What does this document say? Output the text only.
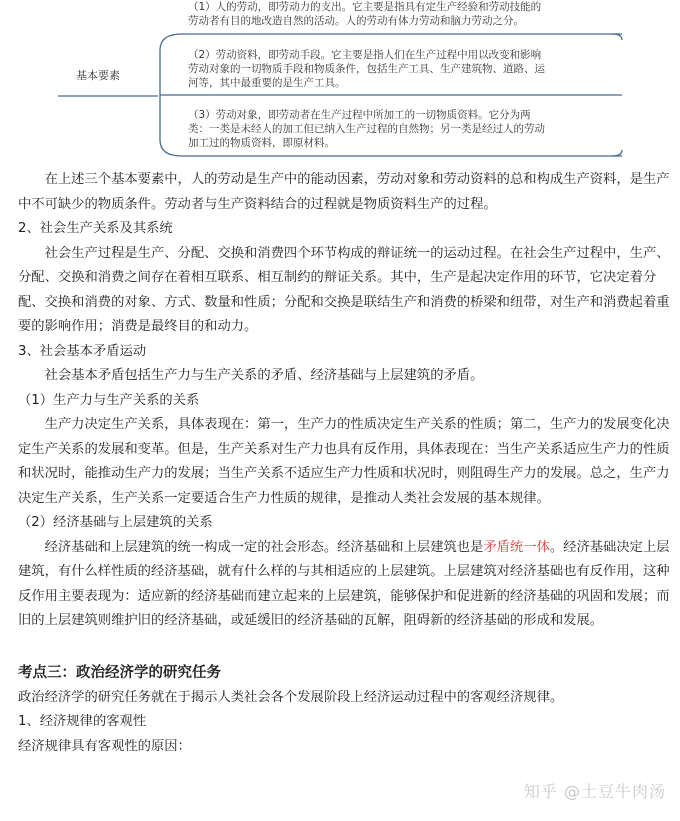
基本要素
（1）人的劳动，即劳动力的支出。它主要是指具有定生产经验和劳动技能的
劳动者有目的地改造自然的活动。人的劳动有体力劳动和脑力劳动之分。
（2）劳动资料，即劳动手段。它主要是指人们在生产过程中用以改变和影响
劳动对象的一切物质手段和物质条件，包括生产工具、生产建筑物、道路、运
河等，其中最重要的是生产工具。
（3）劳动对象，即劳动者在生产过程中所加工的一切物质资料。它分为两
类：一类是未经人的加工但已纳入生产过程的自然物；另一类是经过人的劳动
加工过的物质资料，即原材料。

在上述三个基本要素中，人的劳动是生产中的能动因素，劳动对象和劳动资料的总和构成生产资料，是生产中不可缺少的物质条件。劳动者与生产资料结合的过程就是物质资料生产的过程。

2、社会生产关系及其系统

社会生产过程是生产、分配、交换和消费四个环节构成的辩证统一的运动过程。在社会生产过程中，生产、分配、交换和消费之间存在着相互联系、相互制约的辩证关系。其中，生产是起决定作用的环节，它决定着分配、交换和消费的对象、方式、数量和性质；分配和交换是联结生产和消费的桥梁和纽带，对生产和消费起着重要的影响作用；消费是最终目的和动力。

3、社会基本矛盾运动

社会基本矛盾包括生产力与生产关系的矛盾、经济基础与上层建筑的矛盾。

（1）生产力与生产关系的关系

生产力决定生产关系，具体表现在：第一，生产力的性质决定生产关系的性质；第二，生产力的发展变化决定生产关系的发展和变革。但是，生产关系对生产力也具有反作用，具体表现在：当生产关系适应生产力的性质和状况时，能推动生产力的发展；当生产关系不适应生产力性质和状况时，则阻碍生产力的发展。总之，生产力决定生产关系，生产关系一定要适合生产力性质的规律，是推动人类社会发展的基本规律。

（2）经济基础与上层建筑的关系

经济基础和上层建筑的统一构成一定的社会形态。经济基础和上层建筑也是矛盾统一体。经济基础决定上层建筑，有什么样性质的经济基础，就有什么样的与其相适应的上层建筑。上层建筑对经济基础也有反作用，这种反作用主要表现为：适应新的经济基础而建立起来的上层建筑，能够保护和促进新的经济基础的巩固和发展；而旧的上层建筑则维护旧的经济基础，或延缓旧的经济基础的瓦解，阻碍新的经济基础的形成和发展。

考点三：政治经济学的研究任务

政治经济学的研究任务就在于揭示人类社会各个发展阶段上经济运动过程中的客观经济规律。

1、经济规律的客观性

经济规律具有客观性的原因：

知乎 @土豆牛肉汤
